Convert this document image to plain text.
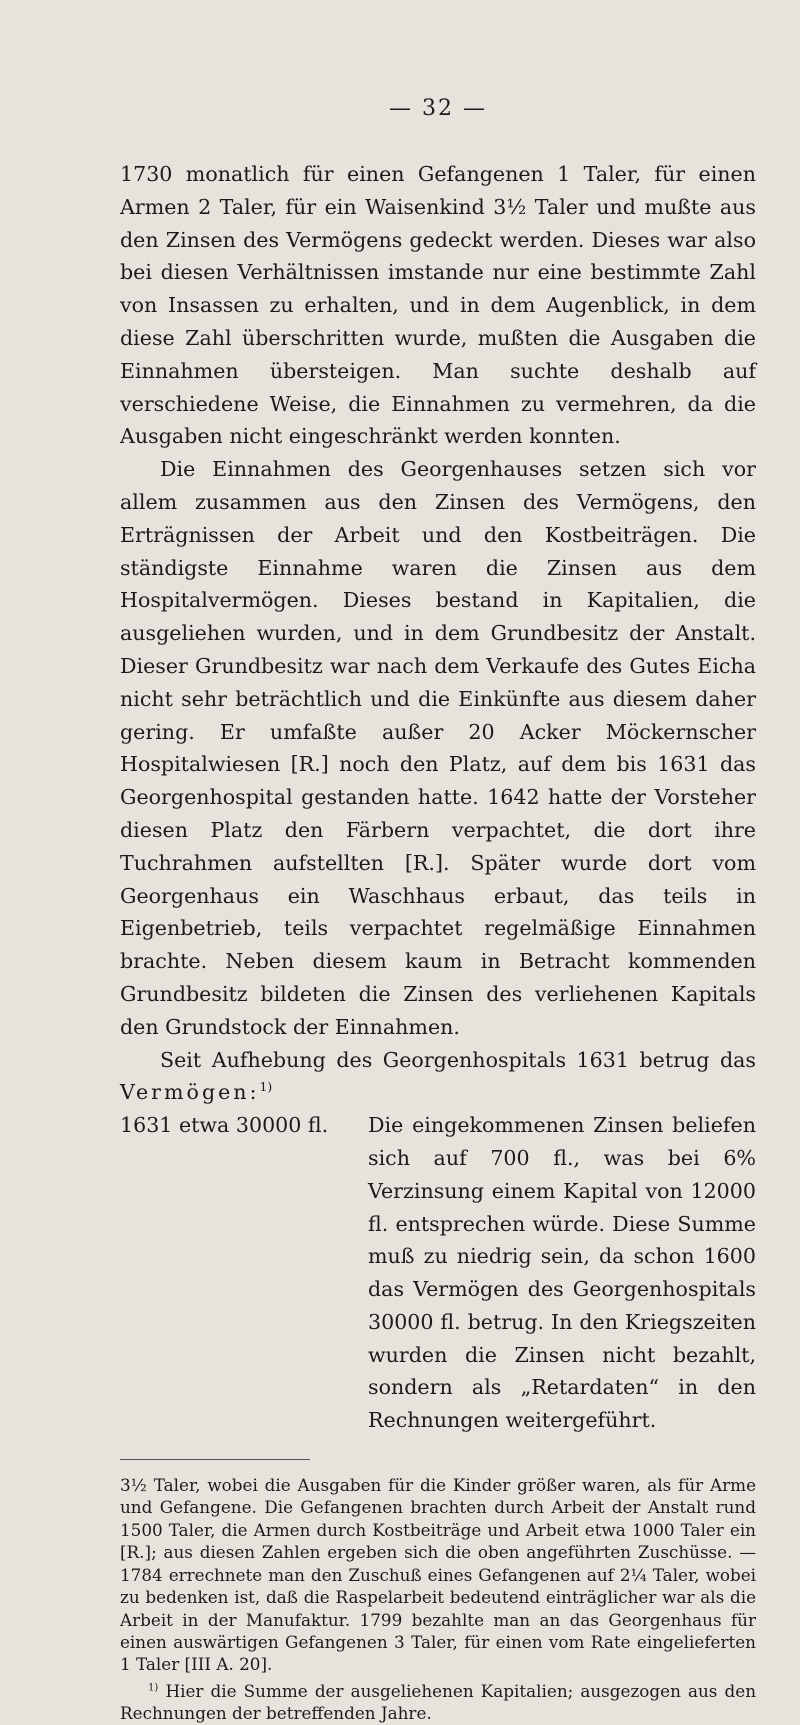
— 32 —

1730 monatlich für einen Gefangenen 1 Taler, für einen Armen 2 Taler, für ein Waisenkind 3½ Taler und mußte aus den Zinsen des Vermögens gedeckt werden. Dieses war also bei diesen Verhältnissen imstande nur eine bestimmte Zahl von Insassen zu erhalten, und in dem Augenblick, in dem diese Zahl überschritten wurde, mußten die Ausgaben die Einnahmen übersteigen. Man suchte deshalb auf verschiedene Weise, die Einnahmen zu vermehren, da die Ausgaben nicht eingeschränkt werden konnten.

Die Einnahmen des Georgenhauses setzen sich vor allem zusammen aus den Zinsen des Vermögens, den Erträgnissen der Arbeit und den Kostbeiträgen. Die ständigste Einnahme waren die Zinsen aus dem Hospitalvermögen. Dieses bestand in Kapitalien, die ausgeliehen wurden, und in dem Grundbesitz der Anstalt. Dieser Grundbesitz war nach dem Verkaufe des Gutes Eicha nicht sehr beträchtlich und die Einkünfte aus diesem daher gering. Er umfaßte außer 20 Acker Möckernscher Hospitalwiesen [R.] noch den Platz, auf dem bis 1631 das Georgenhospital gestanden hatte. 1642 hatte der Vorsteher diesen Platz den Färbern verpachtet, die dort ihre Tuchrahmen aufstellten [R.]. Später wurde dort vom Georgenhaus ein Waschhaus erbaut, das teils in Eigenbetrieb, teils verpachtet regelmäßige Einnahmen brachte. Neben diesem kaum in Betracht kommenden Grundbesitz bildeten die Zinsen des verliehenen Kapitals den Grundstock der Einnahmen.

Seit Aufhebung des Georgenhospitals 1631 betrug das Vermögen:$^{1)}$

1631 etwa 30000 fl.	Die eingekommenen Zinsen beliefen sich auf 700 fl., was bei 6% Verzinsung einem Kapital von 12000 fl. entsprechen würde. Diese Summe muß zu niedrig sein, da schon 1600 das Vermögen des Georgenhospitals 30000 fl. betrug. In den Kriegszeiten wurden die Zinsen nicht bezahlt, sondern als „Retardaten“ in den Rechnungen weitergeführt.

3½ Taler, wobei die Ausgaben für die Kinder größer waren, als für Arme und Gefangene. Die Gefangenen brachten durch Arbeit der Anstalt rund 1500 Taler, die Armen durch Kostbeiträge und Arbeit etwa 1000 Taler ein [R.]; aus diesen Zahlen ergeben sich die oben angeführten Zuschüsse. — 1784 errechnete man den Zuschuß eines Gefangenen auf 2¼ Taler, wobei zu bedenken ist, daß die Raspelarbeit bedeutend einträglicher war als die Arbeit in der Manufaktur. 1799 bezahlte man an das Georgenhaus für einen auswärtigen Gefangenen 3 Taler, für einen vom Rate eingelieferten 1 Taler [III A. 20].

$^{1)}$ Hier die Summe der ausgeliehenen Kapitalien; ausgezogen aus den Rechnungen der betreffenden Jahre.
